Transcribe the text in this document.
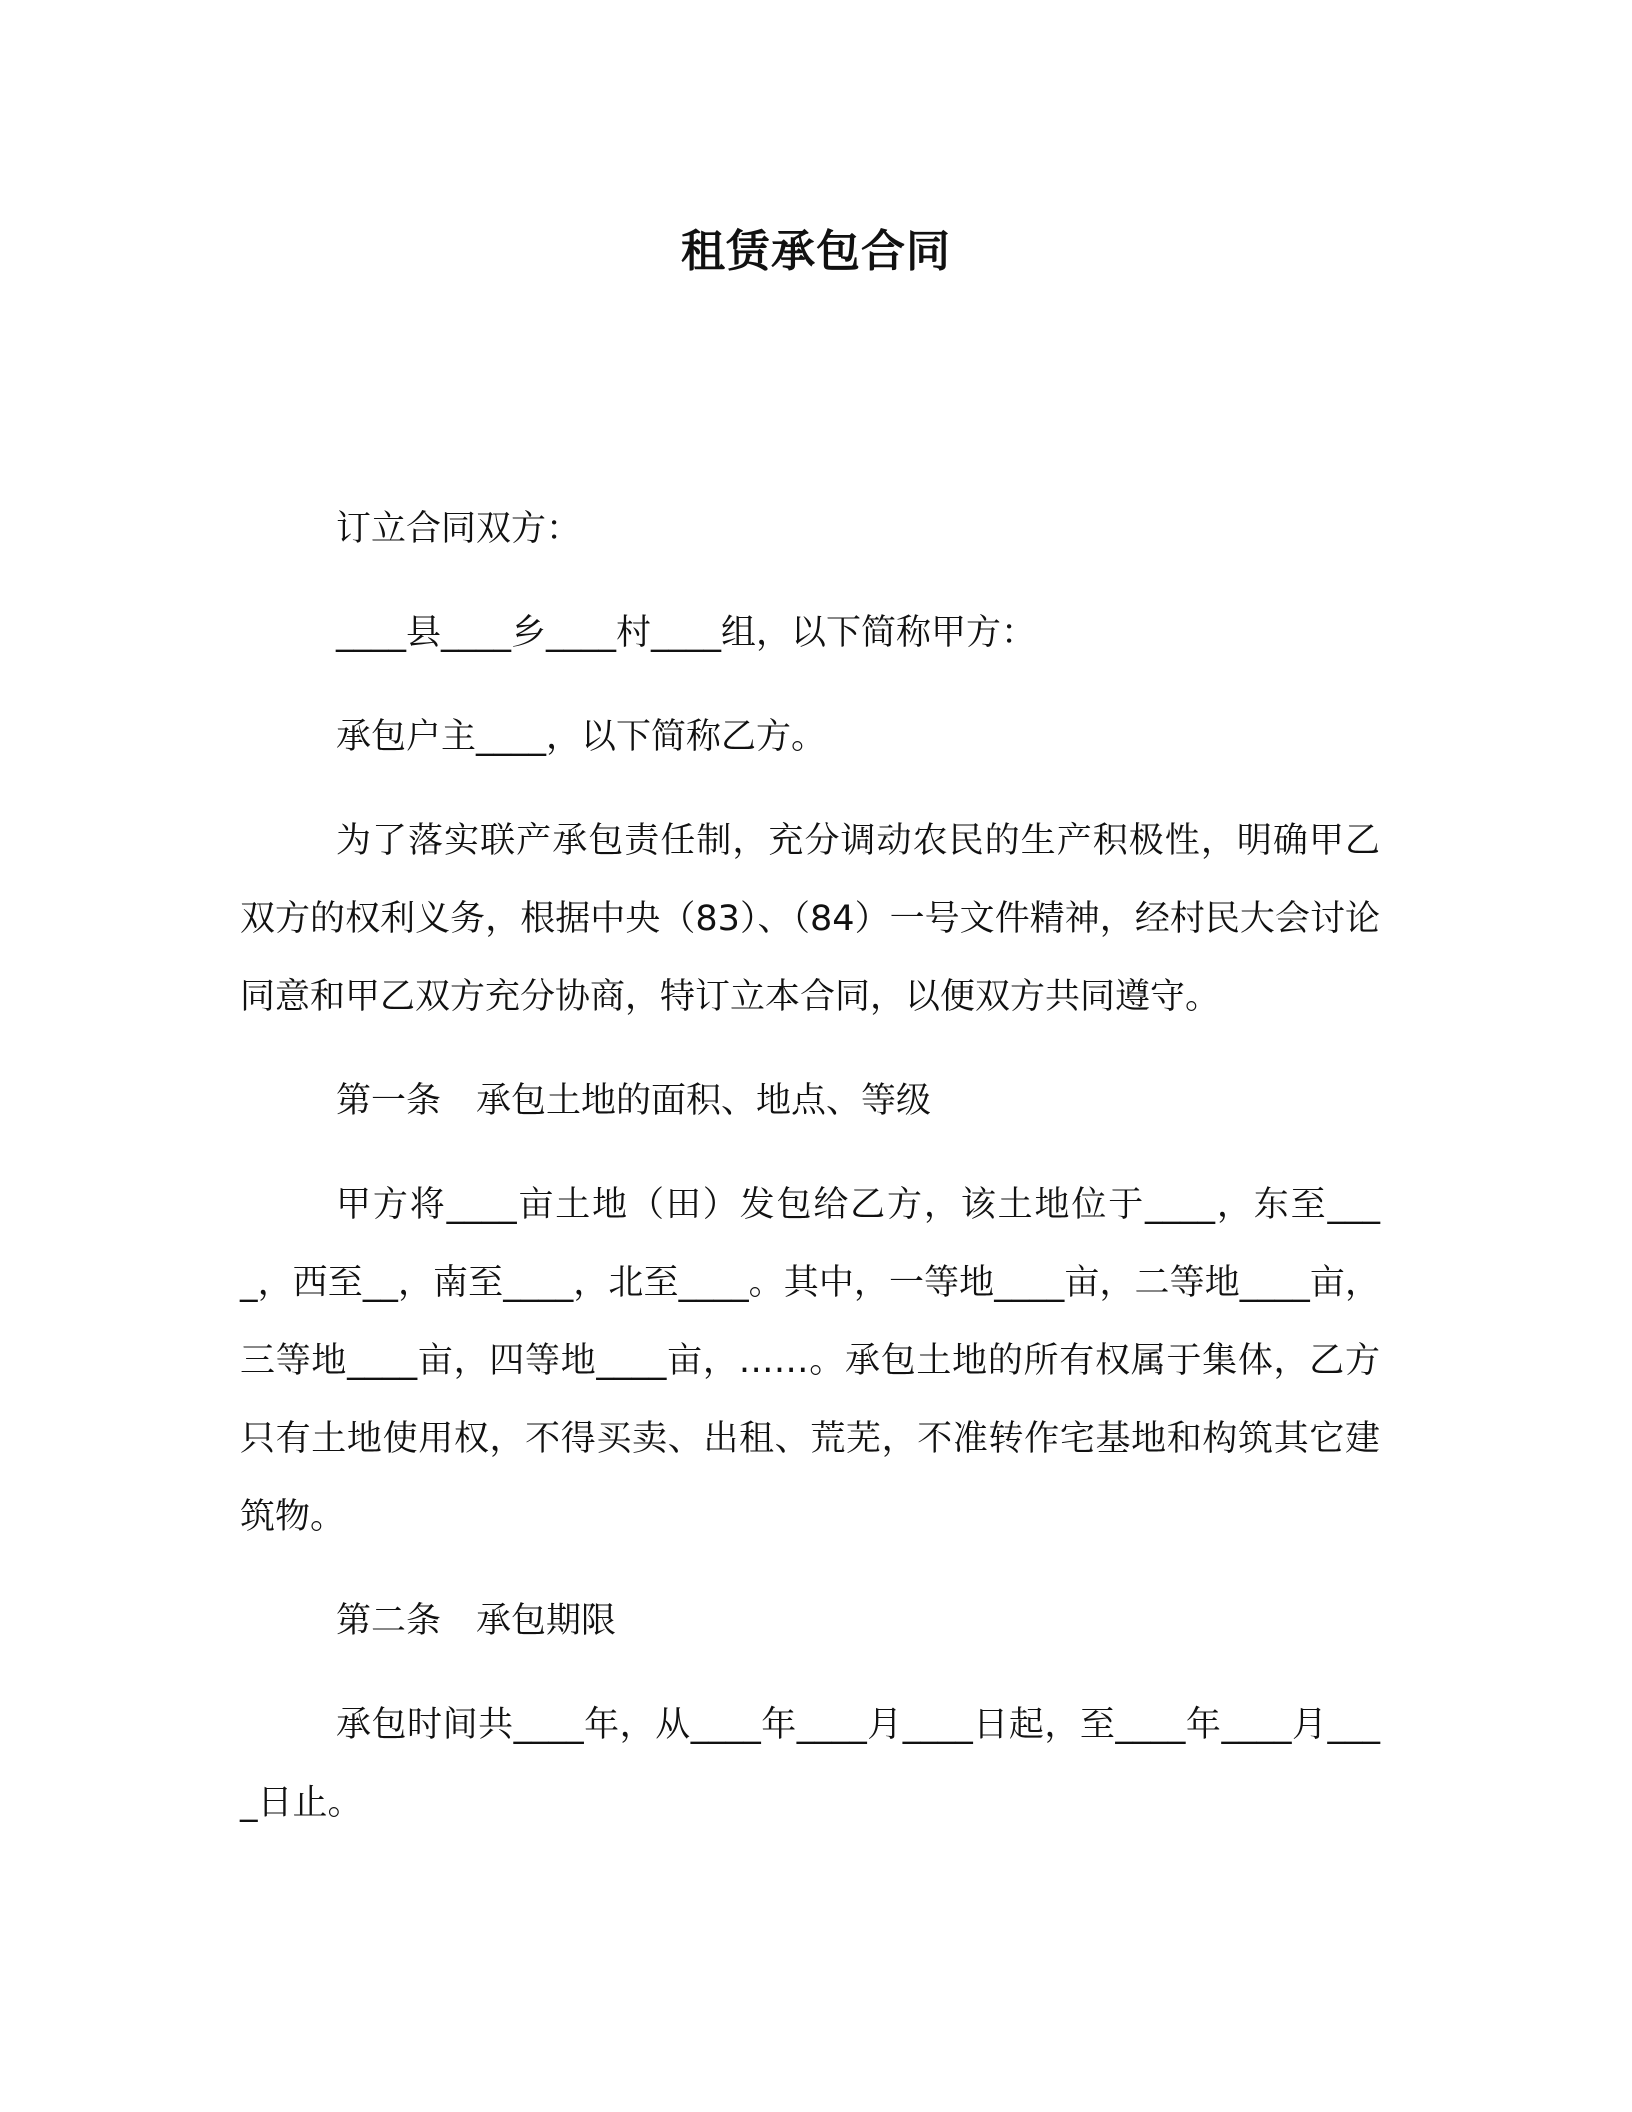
租赁承包合同

订立合同双方：

____县____乡____村____组，以下简称甲方：

承包户主____，以下简称乙方。

为了落实联产承包责任制，充分调动农民的生产积极性，明确甲乙双方的权利义务，根据中央（83）、（84）一号文件精神，经村民大会讨论同意和甲乙双方充分协商，特订立本合同，以便双方共同遵守。

第一条　承包土地的面积、地点、等级

甲方将____亩土地（田）发包给乙方，该土地位于____，东至____，西至__，南至____，北至____。其中，一等地____亩，二等地____亩，三等地____亩，四等地____亩，……。承包土地的所有权属于集体，乙方只有土地使用权，不得买卖、出租、荒芜，不准转作宅基地和构筑其它建筑物。

第二条　承包期限

承包时间共____年，从____年____月____日起，至____年____月____日止。
